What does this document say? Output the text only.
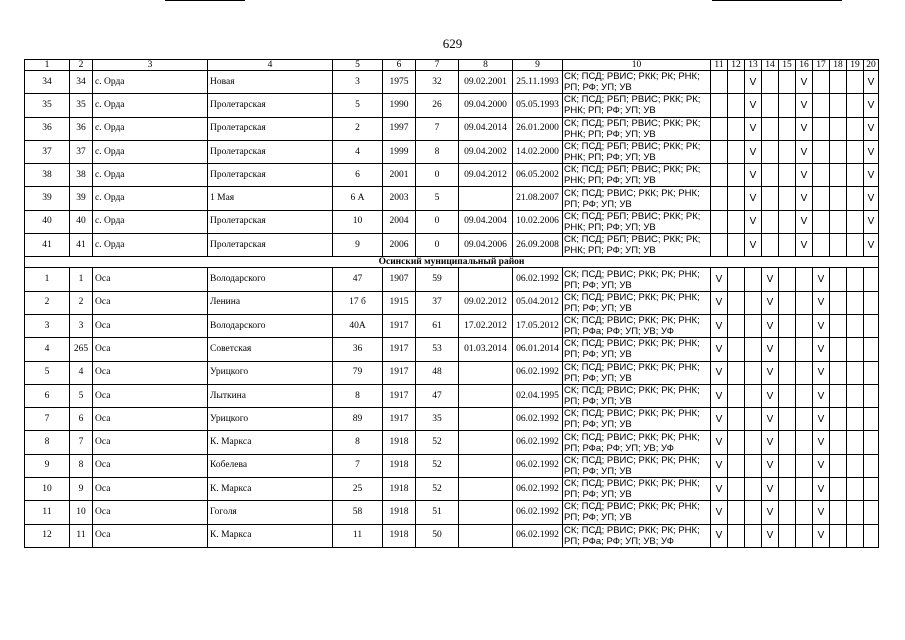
629
1	2	3	4	5	6	7	8	9	10	11	12	13	14	15	16	17	18	19	20
34	34	с. Орда	Новая	3	1975	32	09.02.2001	25.11.1993	СК; ПСД; РВИС; РКК; РК; РНК;
РП; РФ; УП; УВ			V			V				V
35	35	с. Орда	Пролетарская	5	1990	26	09.04.2000	05.05.1993	СК; ПСД; РБП; РВИС; РКК; РК;
РНК; РП; РФ; УП; УВ			V			V				V
36	36	с. Орда	Пролетарская	2	1997	7	09.04.2014	26.01.2000	СК; ПСД; РБП; РВИС; РКК; РК;
РНК; РП; РФ; УП; УВ			V			V				V
37	37	с. Орда	Пролетарская	4	1999	8	09.04.2002	14.02.2000	СК; ПСД; РБП; РВИС; РКК; РК;
РНК; РП; РФ; УП; УВ			V			V				V
38	38	с. Орда	Пролетарская	6	2001	0	09.04.2012	06.05.2002	СК; ПСД; РБП; РВИС; РКК; РК;
РНК; РП; РФ; УП; УВ			V			V				V
39	39	с. Орда	1 Мая	6 А	2003	5		21.08.2007	СК; ПСД; РВИС; РКК; РК; РНК;
РП; РФ; УП; УВ			V			V				V
40	40	с. Орда	Пролетарская	10	2004	0	09.04.2004	10.02.2006	СК; ПСД; РБП; РВИС; РКК; РК;
РНК; РП; РФ; УП; УВ			V			V				V
41	41	с. Орда	Пролетарская	9	2006	0	09.04.2006	26.09.2008	СК; ПСД; РБП; РВИС; РКК; РК;
РНК; РП; РФ; УП; УВ			V			V				V
Осинский муниципальный район																			
1	1	Оса	Володарского	47	1907	59		06.02.1992	СК; ПСД; РВИС; РКК; РК; РНК;
РП; РФ; УП; УВ	V			V			V			
2	2	Оса	Ленина	17 б	1915	37	09.02.2012	05.04.2012	СК; ПСД; РВИС; РКК; РК; РНК;
РП; РФ; УП; УВ	V			V			V			
3	3	Оса	Володарского	40А	1917	61	17.02.2012	17.05.2012	СК; ПСД; РВИС; РКК; РК; РНК;
РП; РФа; РФ; УП; УВ; УФ	V			V			V			
4	265	Оса	Советская	36	1917	53	01.03.2014	06.01.2014	СК; ПСД; РВИС; РКК; РК; РНК;
РП; РФ; УП; УВ	V			V			V			
5	4	Оса	Урицкого	79	1917	48		06.02.1992	СК; ПСД; РВИС; РКК; РК; РНК;
РП; РФ; УП; УВ	V			V			V			
6	5	Оса	Лыткина	8	1917	47		02.04.1995	СК; ПСД; РВИС; РКК; РК; РНК;
РП; РФ; УП; УВ	V			V			V			
7	6	Оса	Урицкого	89	1917	35		06.02.1992	СК; ПСД; РВИС; РКК; РК; РНК;
РП; РФ; УП; УВ	V			V			V			
8	7	Оса	К. Маркса	8	1918	52		06.02.1992	СК; ПСД; РВИС; РКК; РК; РНК;
РП; РФа; РФ; УП; УВ; УФ	V			V			V			
9	8	Оса	Кобелева	7	1918	52		06.02.1992	СК; ПСД; РВИС; РКК; РК; РНК;
РП; РФ; УП; УВ	V			V			V			
10	9	Оса	К. Маркса	25	1918	52		06.02.1992	СК; ПСД; РВИС; РКК; РК; РНК;
РП; РФ; УП; УВ	V			V			V			
11	10	Оса	Гоголя	58	1918	51		06.02.1992	СК; ПСД; РВИС; РКК; РК; РНК;
РП; РФ; УП; УВ	V			V			V			
12	11	Оса	К. Маркса	11	1918	50		06.02.1992	СК; ПСД; РВИС; РКК; РК; РНК;
РП; РФа; РФ; УП; УВ; УФ	V			V			V			
